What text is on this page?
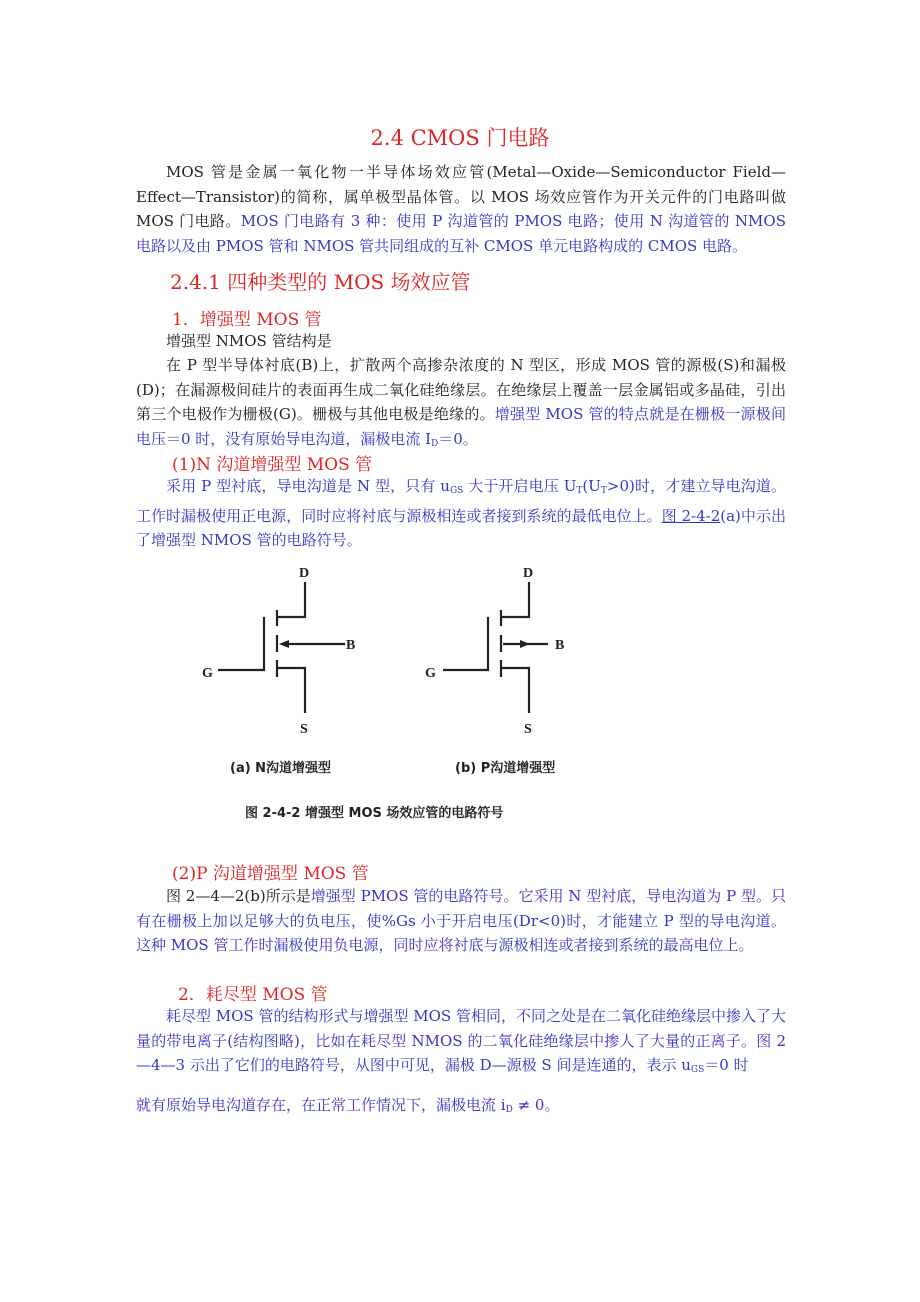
2.4 CMOS 门电路
MOS 管是金属一氧化物一半导体场效应管(Metal—Oxide—Semiconductor Field—Effect—Transistor)的简称，属单极型晶体管。以 MOS 场效应管作为开关元件的门电路叫做 MOS 门电路。MOS 门电路有 3 种：使用 P 沟道管的 PMOS 电路；使用 N 沟道管的 NMOS 电路以及由 PMOS 管和 NMOS 管共同组成的互补 CMOS 单元电路构成的 CMOS 电路。
2.4.1 四种类型的 MOS 场效应管
1．增强型 MOS 管
增强型 NMOS 管结构是
在 P 型半导体衬底(B)上，扩散两个高掺杂浓度的 N 型区，形成 MOS 管的源极(S)和漏极(D)；在漏源极间硅片的表面再生成二氧化硅绝缘层。在绝缘层上覆盖一层金属铝或多晶硅，引出第三个电极作为栅极(G)。栅极与其他电极是绝缘的。增强型 MOS 管的特点就是在栅极一源极间电压＝0 时，没有原始导电沟道，漏极电流 $I_D=0$。
(1)N 沟道增强型 MOS 管
采用 P 型衬底，导电沟道是 N 型，只有 $u_{GS}$ 大于开启电压 $U_T(U_T>0)$时，才建立导电沟道。工作时漏极使用正电源，同时应将衬底与源极相连或者接到系统的最低电位上。图 2-4-2(a)中示出了增强型 NMOS 管的电路符号。
D
B
G
S
D
B
G
S
(a) N沟道增强型	(b) P沟道增强型
图 2-4-2 增强型 MOS 场效应管的电路符号
(2)P 沟道增强型 MOS 管
图 2—4—2(b)所示是增强型 PMOS 管的电路符号。它采用 N 型衬底，导电沟道为 P 型。只有在栅极上加以足够大的负电压，使%Gs 小于开启电压(Dr<0)时，才能建立 P 型的导电沟道。这种 MOS 管工作时漏极使用负电源，同时应将衬底与源极相连或者接到系统的最高电位上。
2．耗尽型 MOS 管
耗尽型 MOS 管的结构形式与增强型 MOS 管相同，不同之处是在二氧化硅绝缘层中掺入了大量的带电离子(结构图略)，比如在耗尽型 NMOS 的二氧化硅绝缘层中掺人了大量的正离子。图 2—4—3 示出了它们的电路符号，从图中可见，漏极 D—源极 S 间是连通的，表示 $u_{GS}=0$ 时
就有原始导电沟道存在，在正常工作情况下，漏极电流 $i_D \ne 0$。
